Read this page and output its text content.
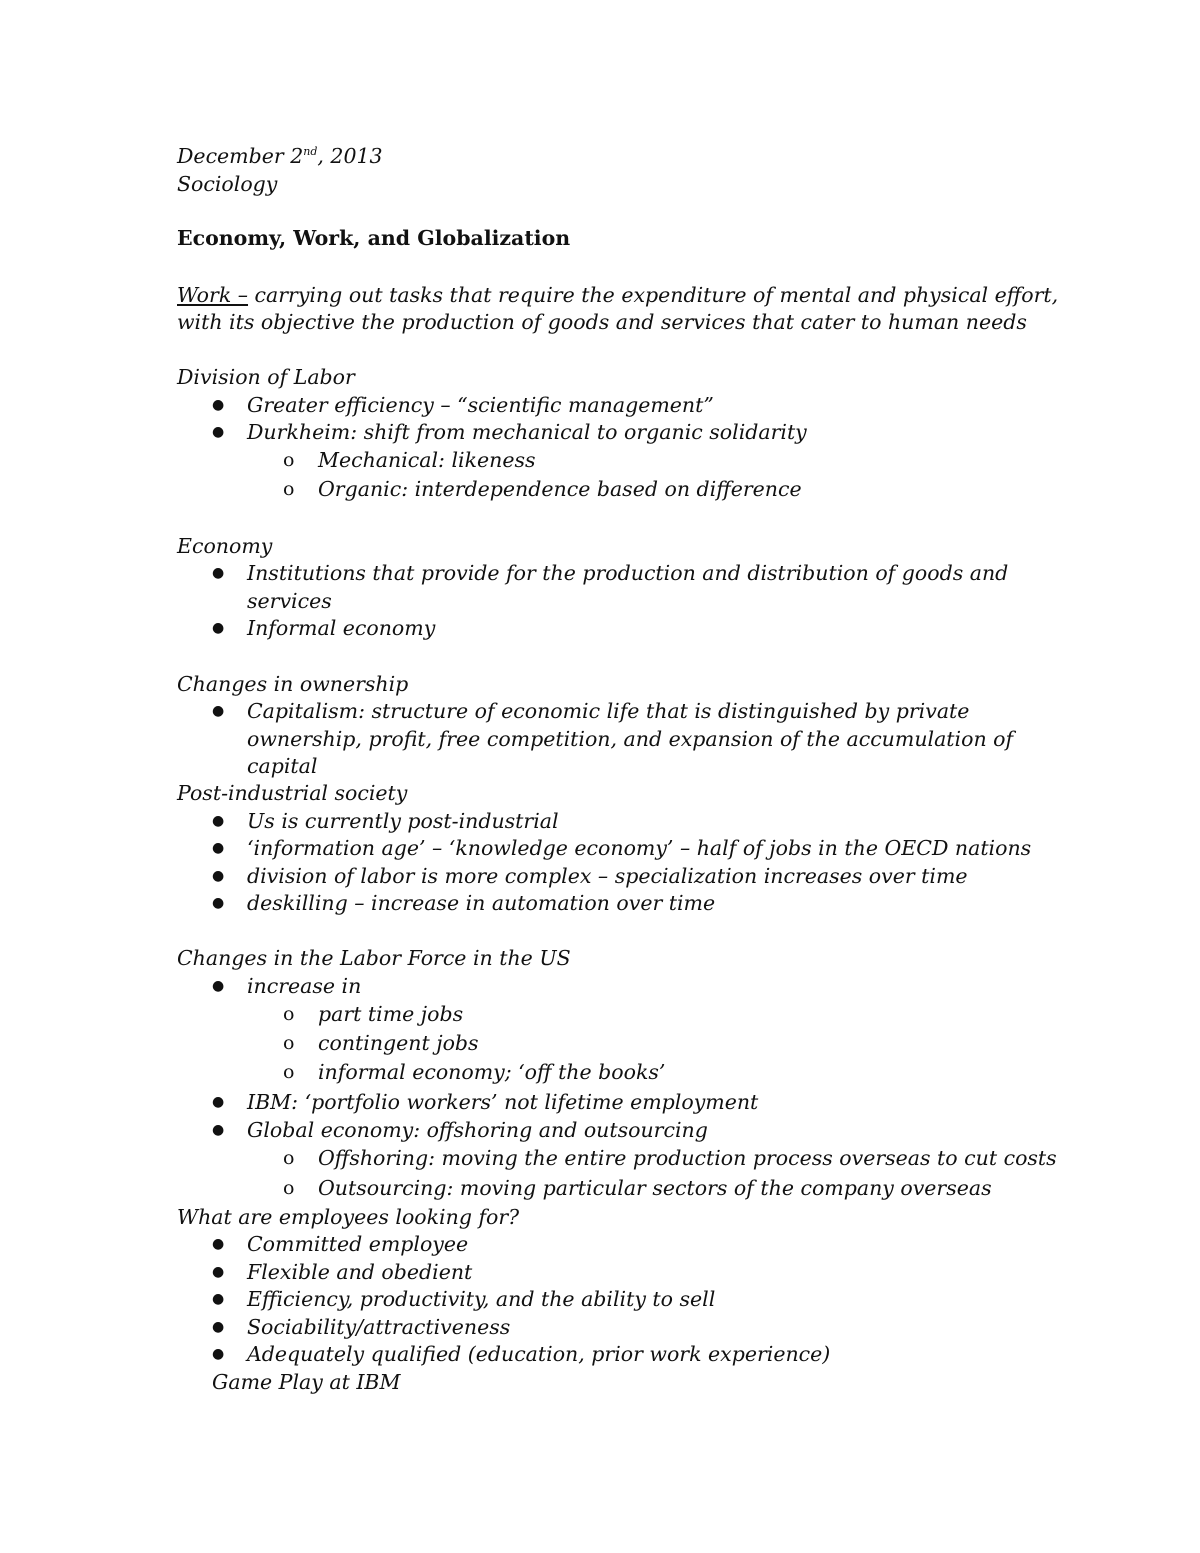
December 2nd, 2013
Sociology
Economy, Work, and Globalization
Work – carrying out tasks that require the expenditure of mental and physical effort,
with its objective the production of goods and services that cater to human needs
Division of Labor
● Greater efficiency – “scientific management”
● Durkheim: shift from mechanical to organic solidarity
o Mechanical: likeness
o Organic: interdependence based on difference
Economy
● Institutions that provide for the production and distribution of goods and
services
● Informal economy
Changes in ownership
● Capitalism: structure of economic life that is distinguished by private
ownership, profit, free competition, and expansion of the accumulation of
capital
Post-industrial society
● Us is currently post-industrial
● ‘information age’ – ‘knowledge economy’ – half of jobs in the OECD nations
● division of labor is more complex – specialization increases over time
● deskilling – increase in automation over time
Changes in the Labor Force in the US
● increase in
o part time jobs
o contingent jobs
o informal economy; ‘off the books’
● IBM: ‘portfolio workers’ not lifetime employment
● Global economy: offshoring and outsourcing
o Offshoring: moving the entire production process overseas to cut costs
o Outsourcing: moving particular sectors of the company overseas
What are employees looking for?
● Committed employee
● Flexible and obedient
● Efficiency, productivity, and the ability to sell
● Sociability/attractiveness
● Adequately qualified (education, prior work experience)
Game Play at IBM
